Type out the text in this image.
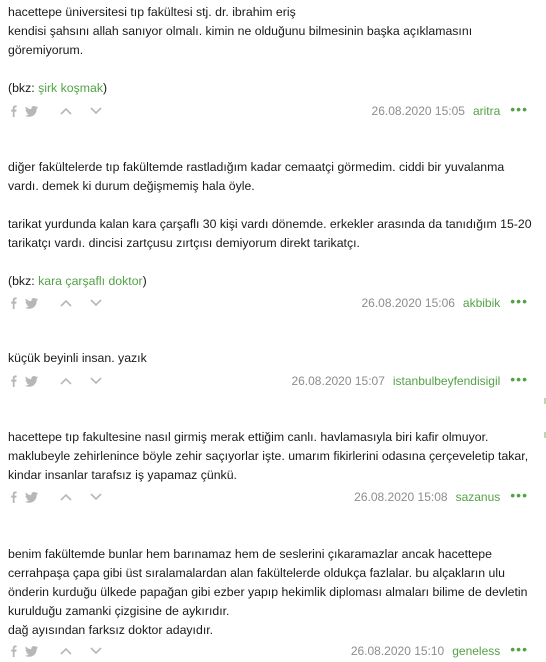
hacettepe üniversitesi tıp fakültesi stj. dr. ibrahim eriş

kendisi şahsını allah sanıyor olmalı. kimin ne olduğunu bilmesinin başka açıklamasını göremiyorum.

(bkz: şirk koşmak)

26.08.2020 15:05 aritra •••

diğer fakültelerde tıp fakültemde rastladığım kadar cemaatçi görmedim. ciddi bir yuvalanma vardı. demek ki durum değişmemiş hala öyle.

tarikat yurdunda kalan kara çarşaflı 30 kişi vardı dönemde. erkekler arasında da tanıdığım 15-20 tarikatçı vardı. dincisi zartçusu zırtçısı demiyorum direkt tarikatçı.

(bkz: kara çarşaflı doktor)

26.08.2020 15:06 akbibik •••

küçük beyinli insan. yazık

26.08.2020 15:07 istanbulbeyfendisigil •••

hacettepe tıp fakultesine nasıl girmiş merak ettiğim canlı. havlamasıyla biri kafir olmuyor. maklubeyle zehirlenince böyle zehir saçıyorlar işte. umarım fikirlerini odasına çerçeveletip takar, kindar insanlar tarafsız iş yapamaz çünkü.

26.08.2020 15:08 sazanus •••

benim fakültemde bunlar hem barınamaz hem de seslerini çıkaramazlar ancak hacettepe cerrahpaşa çapa gibi üst sıralamalardan alan fakültelerde oldukça fazlalar. bu alçakların ulu önderin kurduğu ülkede papağan gibi ezber yapıp hekimlik diploması almaları bilime de devletin kurulduğu zamanki çizgisine de aykırıdır.

dağ ayısından farksız doktor adayıdır.

26.08.2020 15:10 geneless •••
